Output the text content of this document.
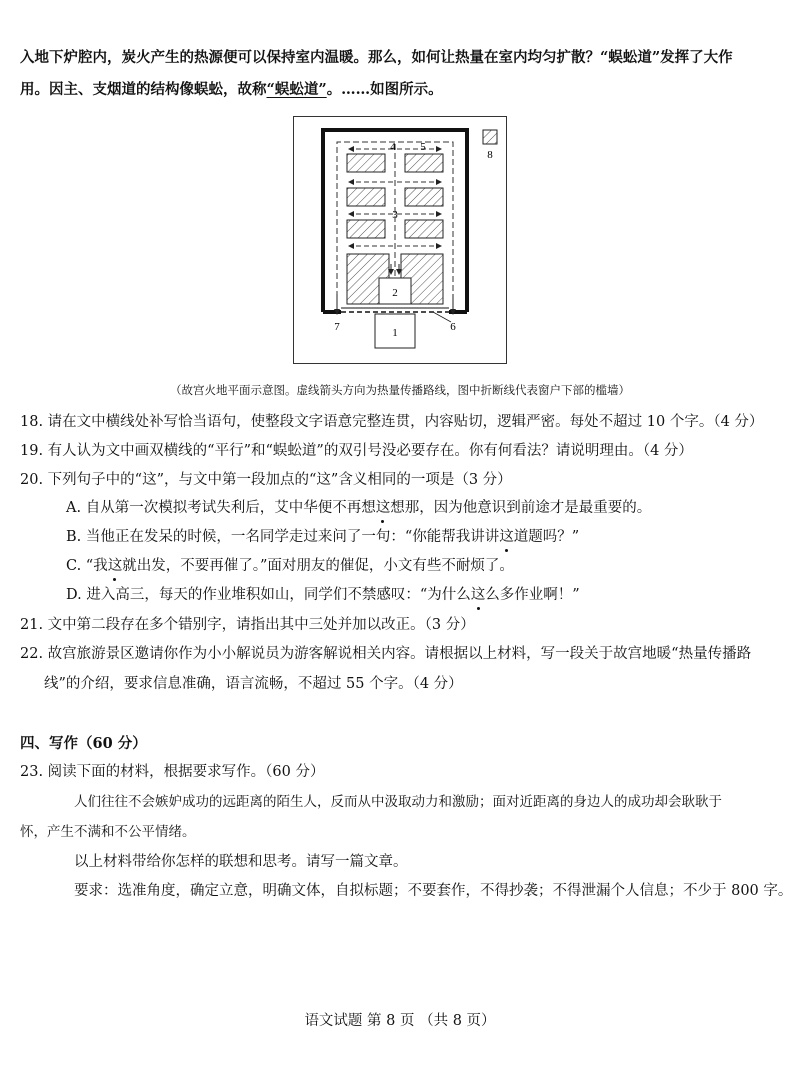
入地下炉腔内，炭火产生的热源便可以保持室内温暖。那么，如何让热量在室内均匀扩散？“蜈蚣道”发挥了大作
用。因主、支烟道的结构像蜈蚣，故称“蜈蚣道”。……如图所示。
4 5
3
2
1	6
7
8
（故宫火地平面示意图。虚线箭头方向为热量传播路线，图中折断线代表窗户下部的槛墙）
18. 请在文中横线处补写恰当语句，使整段文字语意完整连贯，内容贴切，逻辑严密。每处不超过 10 个字。（4 分）
19. 有人认为文中画双横线的“平行”和“蜈蚣道”的双引号没必要存在。你有何看法？请说明理由。（4 分）
20. 下列句子中的“这”，与文中第一段加点的“这”含义相同的一项是（3 分）
A. 自从第一次模拟考试失利后，艾中华便不再想这想那，因为他意识到前途才是最重要的。
B. 当他正在发呆的时候，一名同学走过来问了一句：“你能帮我讲讲这道题吗？”
C. “我这就出发，不要再催了。”面对朋友的催促，小文有些不耐烦了。
D. 进入高三，每天的作业堆积如山，同学们不禁感叹：“为什么这么多作业啊！”
21. 文中第二段存在多个错别字，请指出其中三处并加以改正。（3 分）
22. 故宫旅游景区邀请你作为小小解说员为游客解说相关内容。请根据以上材料，写一段关于故宫地暖“热量传播路
线”的介绍，要求信息准确，语言流畅，不超过 55 个字。（4 分）
四、写作（60 分）
23. 阅读下面的材料，根据要求写作。（60 分）
人们往往不会嫉妒成功的远距离的陌生人，反而从中汲取动力和激励；面对近距离的身边人的成功却会耿耿于
怀，产生不满和不公平情绪。
以上材料带给你怎样的联想和思考。请写一篇文章。
要求：选准角度，确定立意，明确文体，自拟标题；不要套作，不得抄袭；不得泄漏个人信息；不少于 800 字。
语文试题 第 8 页 （共 8 页）
